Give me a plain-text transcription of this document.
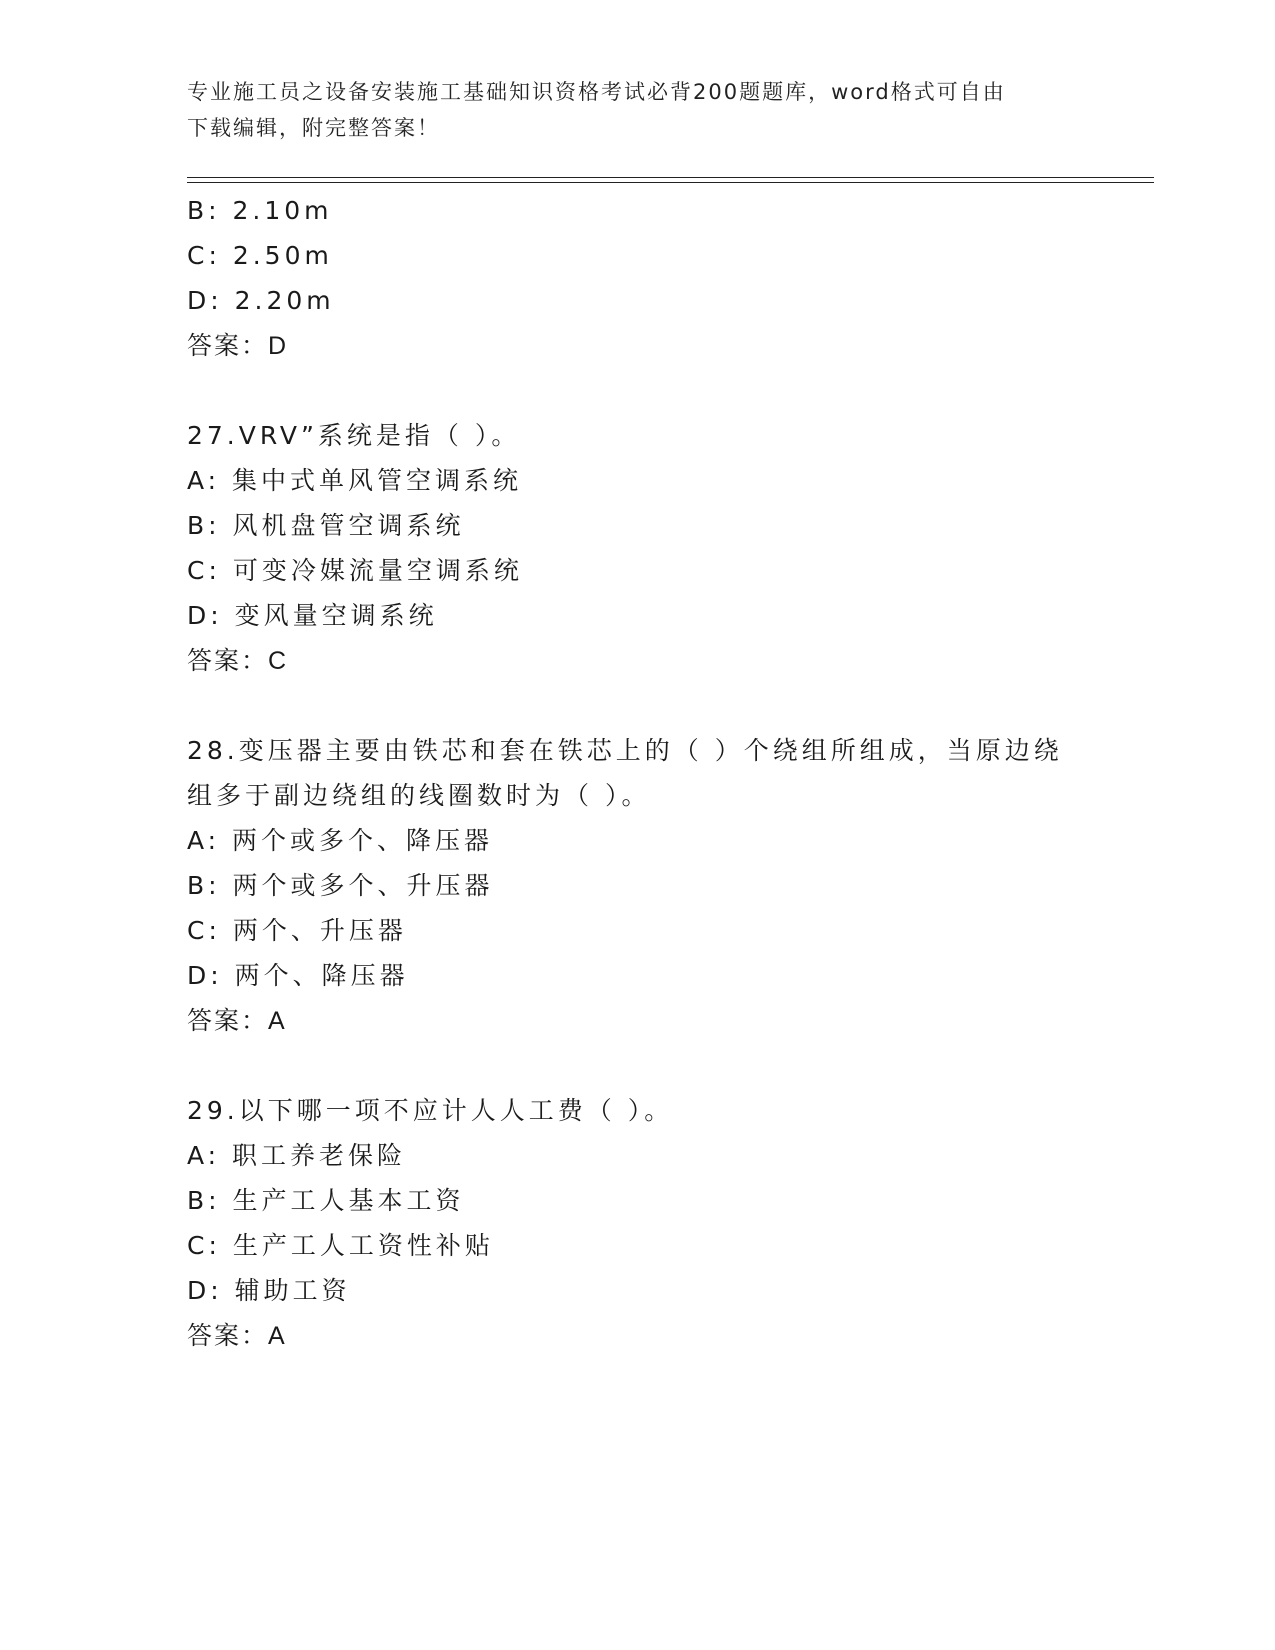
专业施工员之设备安装施工基础知识资格考试必背200题题库，word格式可自由
下载编辑，附完整答案！
B: 2.10m
C: 2.50m
D: 2.20m
答案：D
27.VRV”系统是指（ ）。
A: 集中式单风管空调系统
B: 风机盘管空调系统
C: 可变冷媒流量空调系统
D: 变风量空调系统
答案：C
28.变压器主要由铁芯和套在铁芯上的（ ）个绕组所组成，当原边绕
组多于副边绕组的线圈数时为（ ）。
A: 两个或多个、降压器
B: 两个或多个、升压器
C: 两个、升压器
D: 两个、降压器
答案：A
29.以下哪一项不应计人人工费（ ）。
A: 职工养老保险
B: 生产工人基本工资
C: 生产工人工资性补贴
D: 辅助工资
答案：A
